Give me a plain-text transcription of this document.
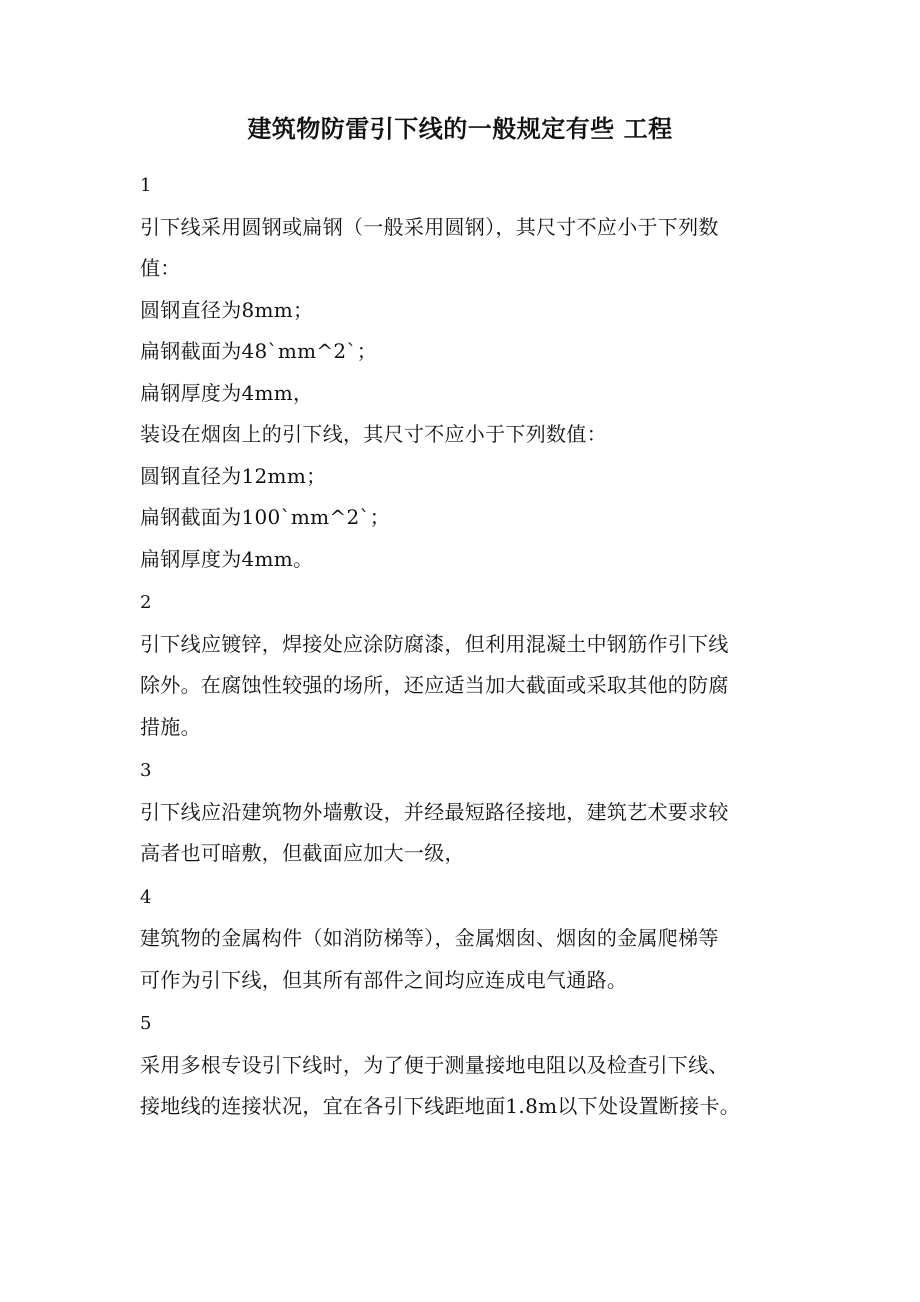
建筑物防雷引下线的一般规定有些 工程
1
引下线采用圆钢或扁钢（一般采用圆钢），其尺寸不应小于下列数
值：
圆钢直径为8mm；
扁钢截面为48`mm^2`；
扁钢厚度为4mm，
装设在烟囱上的引下线，其尺寸不应小于下列数值：
圆钢直径为12mm；
扁钢截面为100`mm^2`；
扁钢厚度为4mm。
2
引下线应镀锌，焊接处应涂防腐漆，但利用混凝土中钢筋作引下线
除外。在腐蚀性较强的场所，还应适当加大截面或采取其他的防腐
措施。
3
引下线应沿建筑物外墙敷设，并经最短路径接地，建筑艺术要求较
高者也可暗敷，但截面应加大一级，
4
建筑物的金属构件（如消防梯等），金属烟囱、烟囱的金属爬梯等
可作为引下线，但其所有部件之间均应连成电气通路。
5
采用多根专设引下线时，为了便于测量接地电阻以及检查引下线、
接地线的连接状况，宜在各引下线距地面1.8m以下处设置断接卡。
